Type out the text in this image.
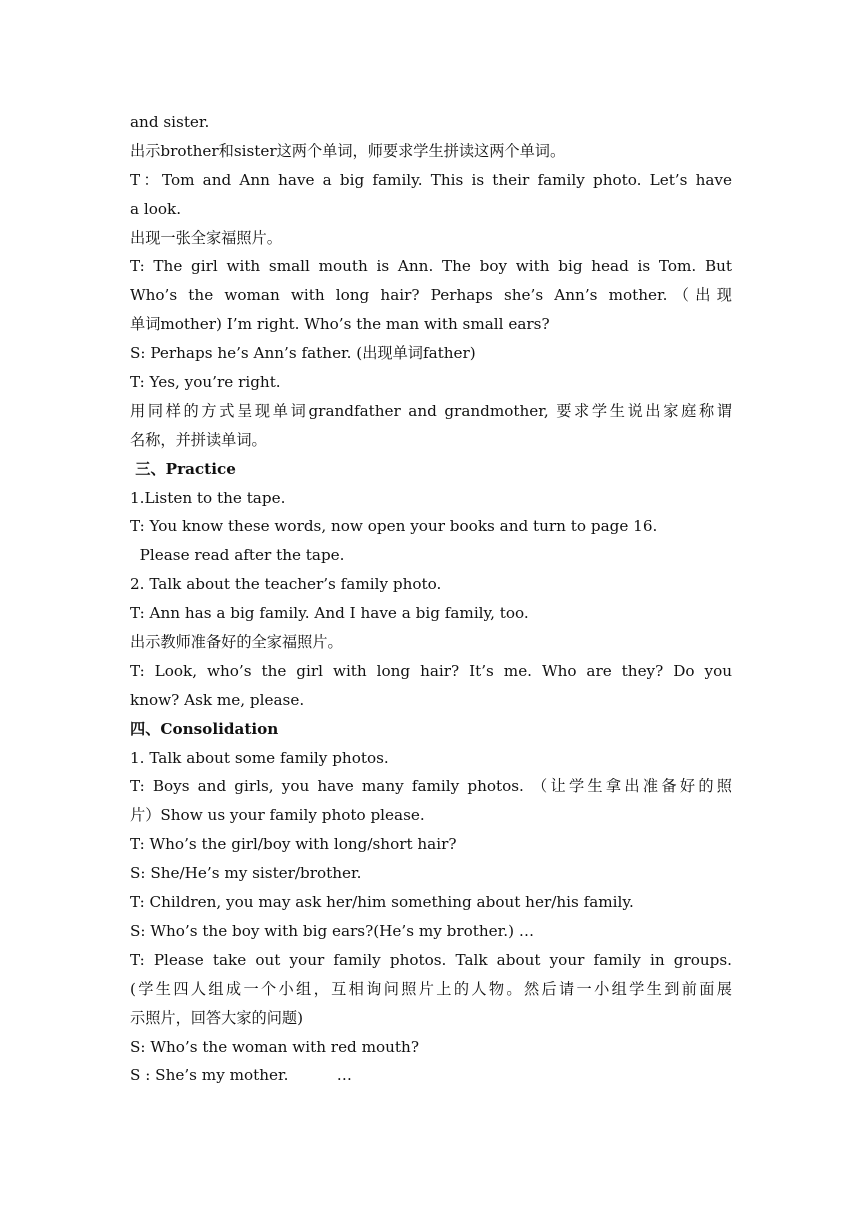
and sister.
出示brother和sister这两个单词，师要求学生拼读这两个单词。
T：Tom and Ann have a big family. This is their family photo. Let’s have
a look.
出现一张全家福照片。
T: The girl with small mouth is Ann. The boy with big head is Tom. But
Who’s the woman with long hair? Perhaps she’s Ann’s mother.（出现
单词mother) I’m right. Who’s the man with small ears?
S: Perhaps he’s Ann’s father. (出现单词father)
T: Yes, you’re right.
用同样的方式呈现单词grandfather and grandmother, 要求学生说出家庭称谓
名称，并拼读单词。
三、Practice
1.Listen to the tape.
T: You know these words, now open your books and turn to page 16.
Please read after the tape.
2. Talk about the teacher’s family photo.
T: Ann has a big family. And I have a big family, too.
出示教师准备好的全家福照片。
T: Look, who’s the girl with long hair? It’s me. Who are they? Do you
know? Ask me, please.
四、Consolidation
1. Talk about some family photos.
T: Boys and girls, you have many family photos. （让学生拿出准备好的照
片）Show us your family photo please.
T: Who’s the girl/boy with long/short hair?
S: She/He’s my sister/brother.
T: Children, you may ask her/him something about her/his family.
S: Who’s the boy with big ears?(He’s my brother.) …
T: Please take out your family photos. Talk about your family in groups.
(学生四人组成一个小组，互相询问照片上的人物。然后请一小组学生到前面展
示照片，回答大家的问题)
S: Who’s the woman with red mouth?
S : She’s my mother.          …
